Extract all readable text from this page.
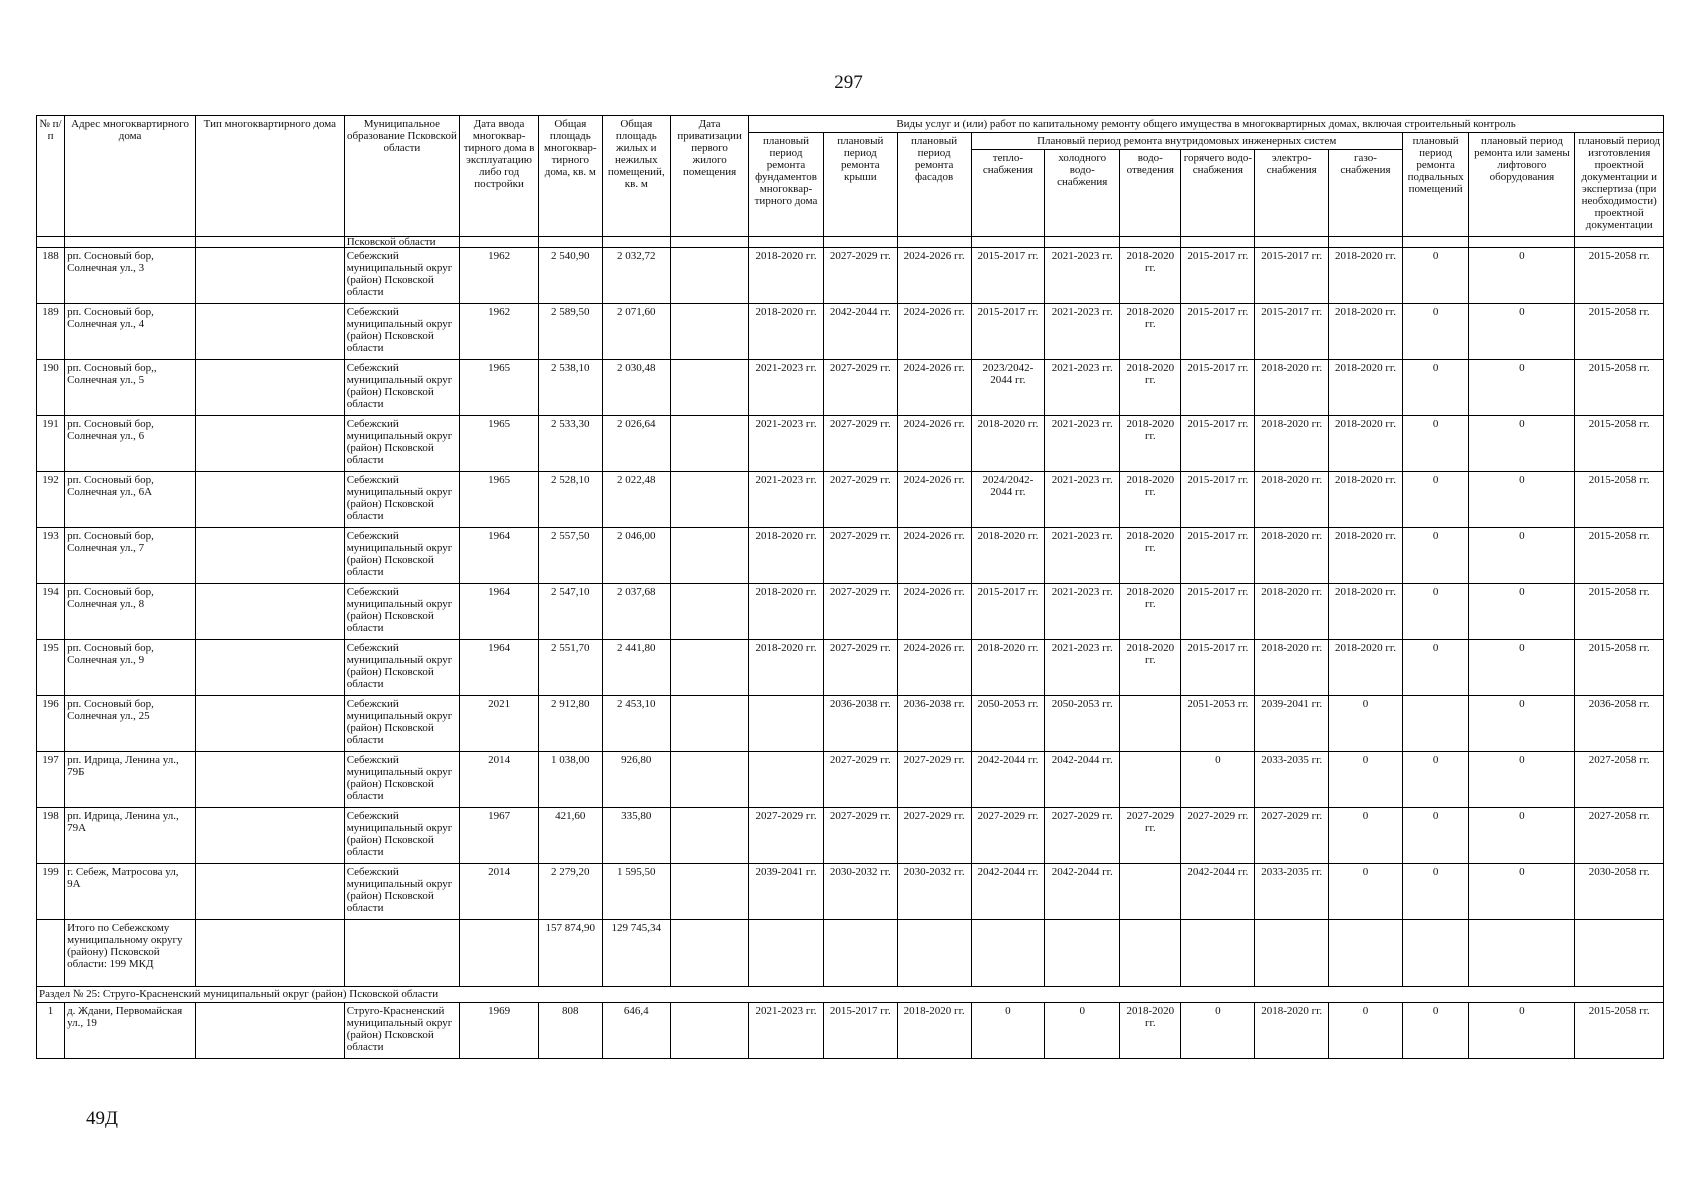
297
№ п/п	Адрес многоквартирного дома	Тип многоквартирного дома	Муниципальное образование Псковской области	Дата ввода многоквар-тирного дома в эксплуатацию либо год постройки	Общая площадь многоквар-тирного дома, кв. м	Общая площадь жилых и нежилых помещений, кв. м	Дата приватизации первого жилого помещения	Виды услуг и (или) работ по капитальному ремонту общего имущества в многоквартирных домах, включая строительный контроль											
								плановый период ремонта фундаментов многоквар-тирного дома	плановый период ремонта крыши	плановый период ремонта фасадов	Плановый период ремонта внутридомовых инженерных систем						плановый период ремонта подвальных помещений	плановый период ремонта или замены лифтового оборудования	плановый период изготовления проектной документации и экспертиза (при необходимости) проектной документации
											тепло-снабжения	холодного водо-снабжения	водо-отведения	горячего водо-снабжения	электро-снабжения	газо-снабжения			
			Псковской области																
188	рп. Сосновый бор, Солнечная ул., 3		Себежский муниципальный округ (район) Псковской области	1962	2 540,90	2 032,72		2018-2020 гг.	2027-2029 гг.	2024-2026 гг.	2015-2017 гг.	2021-2023 гг.	2018-2020 гг.	2015-2017 гг.	2015-2017 гг.	2018-2020 гг.	0	0	2015-2058 гг.
189	рп. Сосновый бор, Солнечная ул., 4		Себежский муниципальный округ (район) Псковской области	1962	2 589,50	2 071,60		2018-2020 гг.	2042-2044 гг.	2024-2026 гг.	2015-2017 гг.	2021-2023 гг.	2018-2020 гг.	2015-2017 гг.	2015-2017 гг.	2018-2020 гг.	0	0	2015-2058 гг.
190	рп. Сосновый бор,, Солнечная ул., 5		Себежский муниципальный округ (район) Псковской области	1965	2 538,10	2 030,48		2021-2023 гг.	2027-2029 гг.	2024-2026 гг.	2023/2042-2044 гг.	2021-2023 гг.	2018-2020 гг.	2015-2017 гг.	2018-2020 гг.	2018-2020 гг.	0	0	2015-2058 гг.
191	рп. Сосновый бор, Солнечная ул., 6		Себежский муниципальный округ (район) Псковской области	1965	2 533,30	2 026,64		2021-2023 гг.	2027-2029 гг.	2024-2026 гг.	2018-2020 гг.	2021-2023 гг.	2018-2020 гг.	2015-2017 гг.	2018-2020 гг.	2018-2020 гг.	0	0	2015-2058 гг.
192	рп. Сосновый бор, Солнечная ул., 6А		Себежский муниципальный округ (район) Псковской области	1965	2 528,10	2 022,48		2021-2023 гг.	2027-2029 гг.	2024-2026 гг.	2024/2042-2044 гг.	2021-2023 гг.	2018-2020 гг.	2015-2017 гг.	2018-2020 гг.	2018-2020 гг.	0	0	2015-2058 гг.
193	рп. Сосновый бор, Солнечная ул., 7		Себежский муниципальный округ (район) Псковской области	1964	2 557,50	2 046,00		2018-2020 гг.	2027-2029 гг.	2024-2026 гг.	2018-2020 гг.	2021-2023 гг.	2018-2020 гг.	2015-2017 гг.	2018-2020 гг.	2018-2020 гг.	0	0	2015-2058 гг.
194	рп. Сосновый бор, Солнечная ул., 8		Себежский муниципальный округ (район) Псковской области	1964	2 547,10	2 037,68		2018-2020 гг.	2027-2029 гг.	2024-2026 гг.	2015-2017 гг.	2021-2023 гг.	2018-2020 гг.	2015-2017 гг.	2018-2020 гг.	2018-2020 гг.	0	0	2015-2058 гг.
195	рп. Сосновый бор, Солнечная ул., 9		Себежский муниципальный округ (район) Псковской области	1964	2 551,70	2 441,80		2018-2020 гг.	2027-2029 гг.	2024-2026 гг.	2018-2020 гг.	2021-2023 гг.	2018-2020 гг.	2015-2017 гг.	2018-2020 гг.	2018-2020 гг.	0	0	2015-2058 гг.
196	рп. Сосновый бор, Солнечная ул., 25		Себежский муниципальный округ (район) Псковской области	2021	2 912,80	2 453,10			2036-2038 гг.	2036-2038 гг.	2050-2053 гг.	2050-2053 гг.		2051-2053 гг.	2039-2041 гг.	0		0	2036-2058 гг.
197	рп. Идрица, Ленина ул., 79Б		Себежский муниципальный округ (район) Псковской области	2014	1 038,00	926,80			2027-2029 гг.	2027-2029 гг.	2042-2044 гг.	2042-2044 гг.		0	2033-2035 гг.	0	0	0	2027-2058 гг.
198	рп. Идрица, Ленина ул., 79А		Себежский муниципальный округ (район) Псковской области	1967	421,60	335,80		2027-2029 гг.	2027-2029 гг.	2027-2029 гг.	2027-2029 гг.	2027-2029 гг.	2027-2029 гг.	2027-2029 гг.	2027-2029 гг.	0	0	0	2027-2058 гг.
199	г. Себеж, Матросова ул, 9А		Себежский муниципальный округ (район) Псковской области	2014	2 279,20	1 595,50		2039-2041 гг.	2030-2032 гг.	2030-2032 гг.	2042-2044 гг.	2042-2044 гг.		2042-2044 гг.	2033-2035 гг.	0	0	0	2030-2058 гг.
	Итого по Себежскому муниципальному округу (району) Псковской области: 199 МКД				157 874,90	129 745,34													
Раздел № 25: Струго-Красненский муниципальный округ (район) Псковской области																			
1	д. Ждани, Первомайская ул., 19		Струго-Красненский муниципальный округ (район) Псковской области	1969	808	646,4		2021-2023 гг.	2015-2017 гг.	2018-2020 гг.	0	0	2018-2020 гг.	0	2018-2020 гг.	0	0	0	2015-2058 гг.
49Д
